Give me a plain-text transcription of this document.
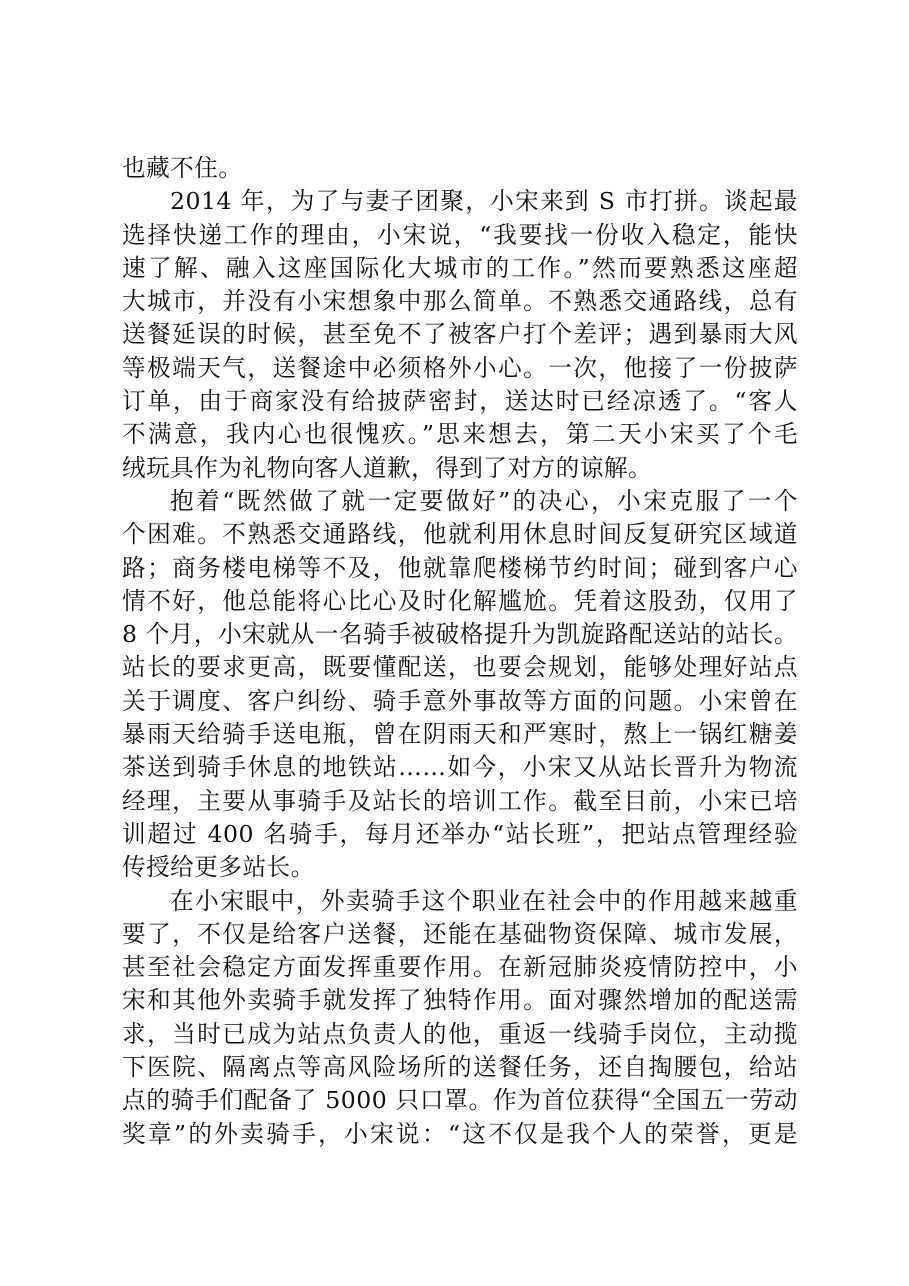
也藏不住。
2014 年，为了与妻子团聚，小宋来到 S 市打拼。谈起最
选择快递工作的理由，小宋说，“我要找一份收入稳定，能快
速了解、融入这座国际化大城市的工作。”然而要熟悉这座超
大城市，并没有小宋想象中那么简单。不熟悉交通路线，总有
送餐延误的时候，甚至免不了被客户打个差评；遇到暴雨大风
等极端天气，送餐途中必须格外小心。一次，他接了一份披萨
订单，由于商家没有给披萨密封，送达时已经凉透了。“客人
不满意，我内心也很愧疚。”思来想去，第二天小宋买了个毛
绒玩具作为礼物向客人道歉，得到了对方的谅解。
抱着“既然做了就一定要做好”的决心，小宋克服了一个
个困难。不熟悉交通路线，他就利用休息时间反复研究区域道
路；商务楼电梯等不及，他就靠爬楼梯节约时间；碰到客户心
情不好，他总能将心比心及时化解尴尬。凭着这股劲，仅用了
8 个月，小宋就从一名骑手被破格提升为凯旋路配送站的站长。
站长的要求更高，既要懂配送，也要会规划，能够处理好站点
关于调度、客户纠纷、骑手意外事故等方面的问题。小宋曾在
暴雨天给骑手送电瓶，曾在阴雨天和严寒时，熬上一锅红糖姜
茶送到骑手休息的地铁站……如今，小宋又从站长晋升为物流
经理，主要从事骑手及站长的培训工作。截至目前，小宋已培
训超过 400 名骑手，每月还举办“站长班”，把站点管理经验
传授给更多站长。
在小宋眼中，外卖骑手这个职业在社会中的作用越来越重
要了，不仅是给客户送餐，还能在基础物资保障、城市发展，
甚至社会稳定方面发挥重要作用。在新冠肺炎疫情防控中，小
宋和其他外卖骑手就发挥了独特作用。面对骤然增加的配送需
求，当时已成为站点负责人的他，重返一线骑手岗位，主动揽
下医院、隔离点等高风险场所的送餐任务，还自掏腰包，给站
点的骑手们配备了 5000 只口罩。作为首位获得“全国五一劳动
奖章”的外卖骑手，小宋说：“这不仅是我个人的荣誉，更是
